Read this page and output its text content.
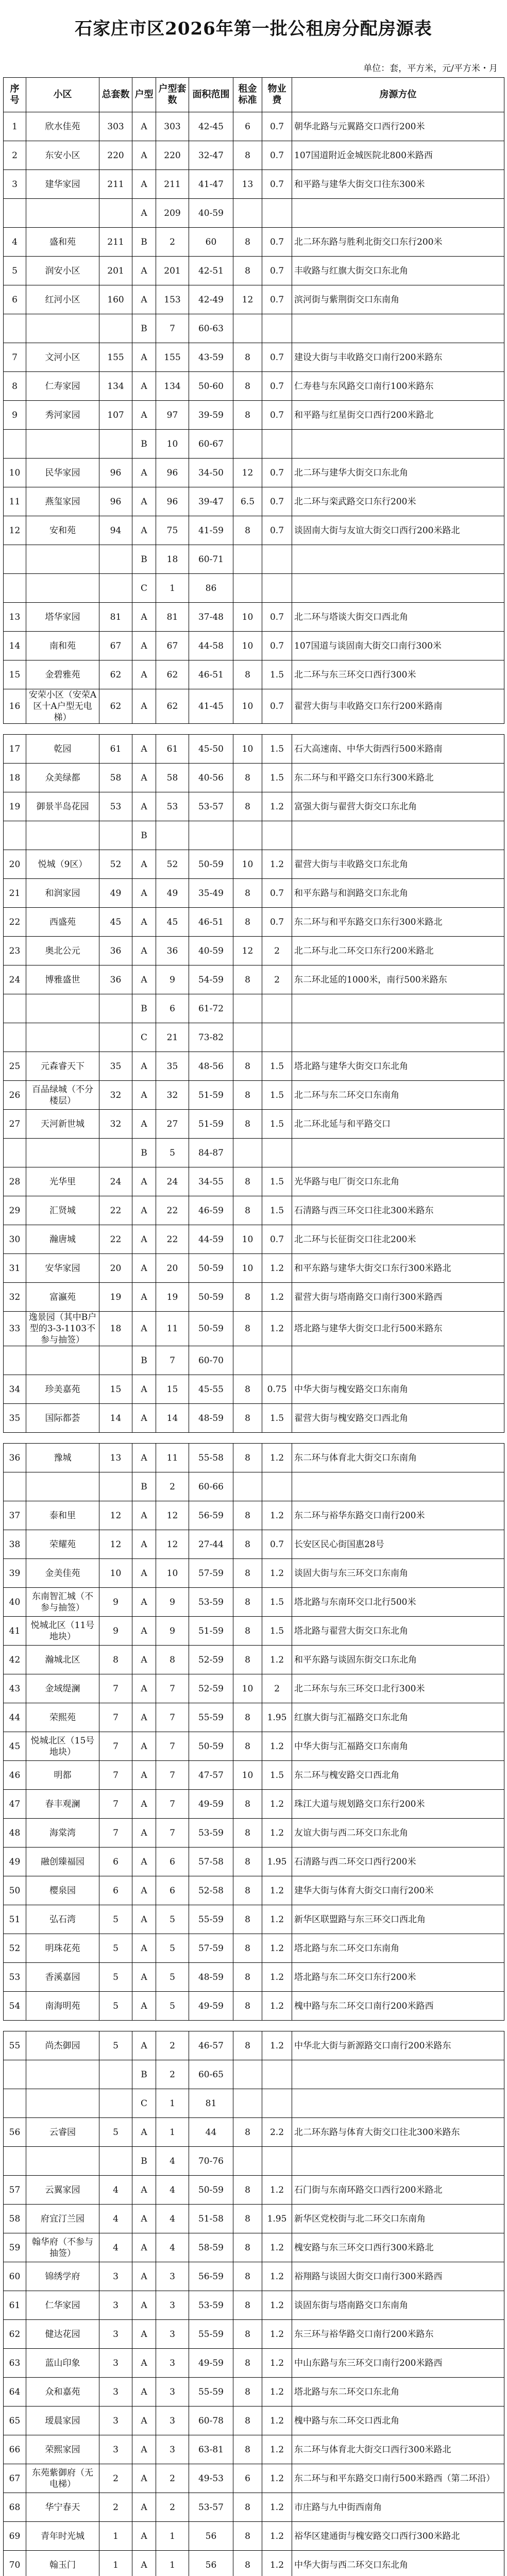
石家庄市区2026年第一批公租房分配房源表
单位：套，平方米，元/平方米・月
序号	小区	总套数	户型	户型套数	面积范围	租金标准	物业费	房源方位
1	欣水佳苑	303	A	303	42-45	6	0.7	朝华北路与元翼路交口西行200米
2	东安小区	220	A	220	32-47	8	0.7	107国道附近金城医院北800米路西
3	建华家园	211	A	211	41-47	13	0.7	和平路与建华大街交口往东300米
			A	209	40-59			
4	盛和苑	211	B	2	60	8	0.7	北二环东路与胜利北街交口东行200米
5	润安小区	201	A	201	42-51	8	0.7	丰收路与红旗大街交口东北角
6	红河小区	160	A	153	42-49	12	0.7	滨河街与紫荆街交口东南角
			B	7	60-63			
7	文河小区	155	A	155	43-59	8	0.7	建设大街与丰收路交口南行200米路东
8	仁寿家园	134	A	134	50-60	8	0.7	仁寿巷与东风路交口南行100米路东
9	秀河家园	107	A	97	39-59	8	0.7	和平路与红星街交口西行200米路北
			B	10	60-67			
10	民华家园	96	A	96	34-50	12	0.7	北二环与建华大街交口东北角
11	燕玺家园	96	A	96	39-47	6.5	0.7	北二环与栾武路交口东行200米
12	安和苑	94	A	75	41-59	8	0.7	谈固南大街与友谊大街交口西行200米路北
			B	18	60-71			
			C	1	86			
13	塔华家园	81	A	81	37-48	10	0.7	北二环与塔谈大街交口西北角
14	南和苑	67	A	67	44-58	10	0.7	107国道与谈固南大街交口南行300米
15	金碧雅苑	62	A	62	46-51	8	1.5	北二环与东三环交口西行300米
16	安荣小区（安荣A区十A户型无电梯）	62	A	62	41-45	10	0.7	翟营大街与丰收路交口东行200米路南

17	乾园	61	A	61	45-50	10	1.5	石大高速南、中华大街西行500米路南
18	众美绿都	58	A	58	40-56	8	1.5	东二环与和平路交口东行300米路北
19	御景半岛花园	53	A	53	53-57	8	1.2	富强大街与翟营大街交口东北角
			B					
20	悦城（9区）	52	A	52	50-59	10	1.2	翟营大街与丰收路交口东北角
21	和润家园	49	A	49	35-49	8	0.7	和平东路与和润路交口东北角
22	西盛苑	45	A	45	46-51	8	0.7	东二环与和平东路交口东行300米路北
23	奥北公元	36	A	36	40-59	12	2	北二环与北二环交口东行200米路北
24	博雅盛世	36	A	9	54-59	8	2	东二环北延的1000米，南行500米路东
			B	6	61-72			
			C	21	73-82			
25	元森睿天下	35	A	35	48-56	8	1.5	塔北路与建华大街交口东北角
26	百品绿城（不分楼层）	32	A	32	51-59	8	1.5	北二环与东二环交口东南角
27	天河新世城	32	A	27	51-59	8	1.5	北二环北延与和平路交口
			B	5	84-87			
28	光华里	24	A	24	34-55	8	1.5	光华路与电厂街交口东北角
29	汇贤城	22	A	22	46-59	8	1.5	石清路与西三环交口往北300米路东
30	瀚唐城	22	A	22	44-59	10	0.7	北二环与长征街交口往北200米
31	安华家园	20	A	20	50-59	10	1.2	和平东路与建华大街交口东行300米路北
32	富瀛苑	19	A	19	50-59	8	1.2	翟营大街与塔南路交口南行300米路西
33	逸景园（其中B户型的3-3-1103不参与抽签）	18	A	11	50-59	8	1.2	塔北路与建华大街交口北行500米路东
			B	7	60-70			
34	珍美嘉苑	15	A	15	45-55	8	0.75	中华大街与槐安路交口东南角
35	国际都荟	14	A	14	48-59	8	1.5	翟营大街与槐安路交口西北角

36	豫城	13	A	11	55-58	8	1.2	东二环与体育北大街交口东南角
			B	2	60-66			
37	泰和里	12	A	12	56-59	8	1.2	东二环与裕华东路交口南行200米
38	荣耀苑	12	A	12	27-44	8	0.7	长安区民心街国惠28号
39	金美佳苑	10	A	10	57-59	8	1.2	谈固大街与东三环交口东南角
40	东南智汇城（不参与抽签）	9	A	9	53-59	8	1.5	塔北路与东南环交口北行500米
41	悦城北区（11号地块）	9	A	9	51-59	8	1.5	塔北路与翟营大街交口东北角
42	瀚城北区	8	A	8	52-59	8	1.2	和平东路与谈固东街交口东北角
43	金域缇澜	7	A	7	52-59	10	2	北二环东与东三环交口北行300米
44	荣熙苑	7	A	7	55-59	8	1.95	红旗大街与汇福路交口东北角
45	悦城北区（15号地块）	7	A	7	50-59	8	1.2	中华大街与汇福路交口东南角
46	明都	7	A	7	47-57	10	1.5	东二环与槐安路交口西北角
47	春丰观澜	7	A	7	49-59	8	1.2	珠江大道与规划路交口东行200米
48	海棠湾	7	A	7	53-59	8	1.2	友谊大街与西二环交口东北角
49	融创臻福园	6	A	6	57-58	8	1.95	石清路与西二环交口西行200米
50	樱泉园	6	A	6	52-58	8	1.2	建华大街与体育大街交口南行200米
51	弘石湾	5	A	5	55-59	8	1.2	新华区联盟路与东三环交口西北角
52	明珠花苑	5	A	5	57-59	8	1.2	塔北路与东二环交口东南角
53	香溪嘉园	5	A	5	48-59	8	1.2	塔北路与东二环交口东行200米
54	南海明苑	5	A	5	49-59	8	1.2	槐中路与东二环交口南行200米路西

55	尚杰御园	5	A	2	46-57	8	1.2	中华北大街与新源路交口南行200米路东
			B	2	60-65			
			C	1	81			
56	云睿园	5	A	1	44	8	2.2	北二环东路与体育大街交口往北300米路东
			B	4	70-76			
57	云翼家园	4	A	4	50-59	8	1.2	石门街与东南环路交口西行200米路北
58	府宜汀兰园	4	A	4	51-58	8	1.95	新华区党校街与北二环交口东南角
59	翰华府（不参与抽签）	4	A	4	58-59	8	1.2	槐安路与东三环交口西行300米路北
60	锦绣学府	3	A	3	56-59	8	1.2	裕翔路与谈固大街交口南行300米路西
61	仁华家园	3	A	3	53-59	8	1.2	谈固东街与塔南路交口东南角
62	健达花园	3	A	3	55-59	8	1.2	东三环与裕华路交口南行200米路东
63	蓝山印象	3	A	3	49-59	8	1.2	中山东路与东三环交口南行200米路西
64	众和嘉苑	3	A	3	55-59	8	1.2	塔北路与东二环交口东北角
65	瑷晨家园	3	A	3	60-78	8	1.2	槐中路与东二环交口西北角
66	荣熙家园	3	A	3	63-81	8	1.2	东二环与体育北大街交口西行300米路北
67	东苑紫御府（无电梯）	2	A	2	49-53	6	1.2	东二环与和平东路交口南行500米路西（第二环沿）
68	华宁春天	2	A	2	53-57	8	1.2	市庄路与九中街西南角
69	青年时光城	1	A	1	56	8	1.2	裕华区建通街与槐安路交口西行300米路北
70	翰玉门	1	A	1	56	8	1.2	中华大街与西二环交口东北角
